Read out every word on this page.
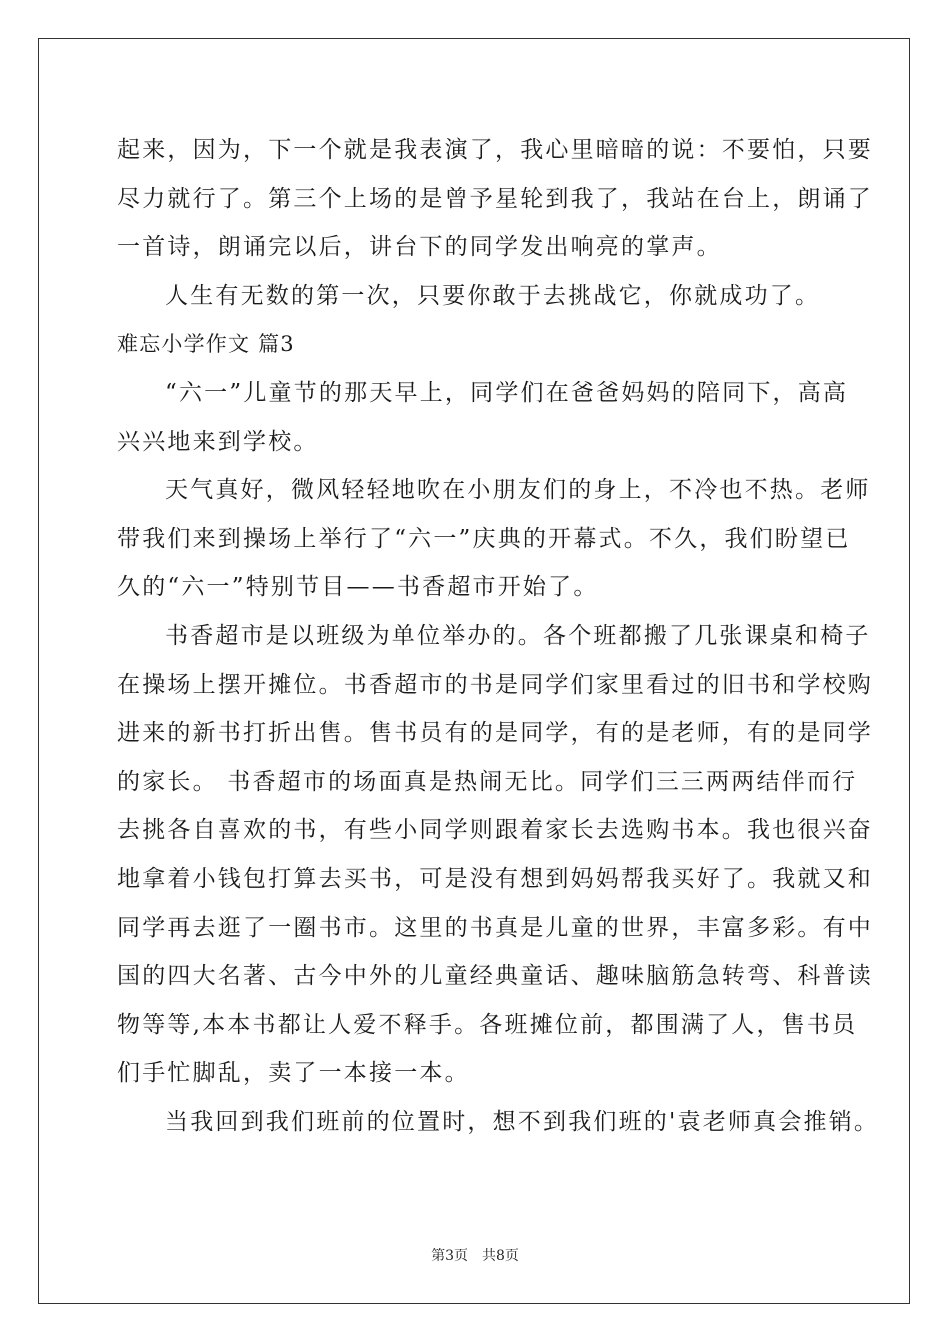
起来，因为，下一个就是我表演了，我心里暗暗的说：不要怕，只要
尽力就行了。第三个上场的是曾予星轮到我了，我站在台上，朗诵了
一首诗，朗诵完以后，讲台下的同学发出响亮的掌声。
人生有无数的第一次，只要你敢于去挑战它，你就成功了。
难忘小学作文 篇3
“六一”儿童节的那天早上，同学们在爸爸妈妈的陪同下，高高
兴兴地来到学校。
天气真好，微风轻轻地吹在小朋友们的身上，不冷也不热。老师
带我们来到操场上举行了“六一”庆典的开幕式。不久，我们盼望已
久的“六一”特别节目——书香超市开始了。
书香超市是以班级为单位举办的。各个班都搬了几张课桌和椅子
在操场上摆开摊位。书香超市的书是同学们家里看过的旧书和学校购
进来的新书打折出售。售书员有的是同学，有的是老师，有的是同学
的家长。 书香超市的场面真是热闹无比。同学们三三两两结伴而行
去挑各自喜欢的书，有些小同学则跟着家长去选购书本。我也很兴奋
地拿着小钱包打算去买书，可是没有想到妈妈帮我买好了。我就又和
同学再去逛了一圈书市。这里的书真是儿童的世界，丰富多彩。有中
国的四大名著、古今中外的儿童经典童话、趣味脑筋急转弯、科普读
物等等,本本书都让人爱不释手。各班摊位前，都围满了人，售书员
们手忙脚乱，卖了一本接一本。
当我回到我们班前的位置时，想不到我们班的'袁老师真会推销。
第3页 共8页
